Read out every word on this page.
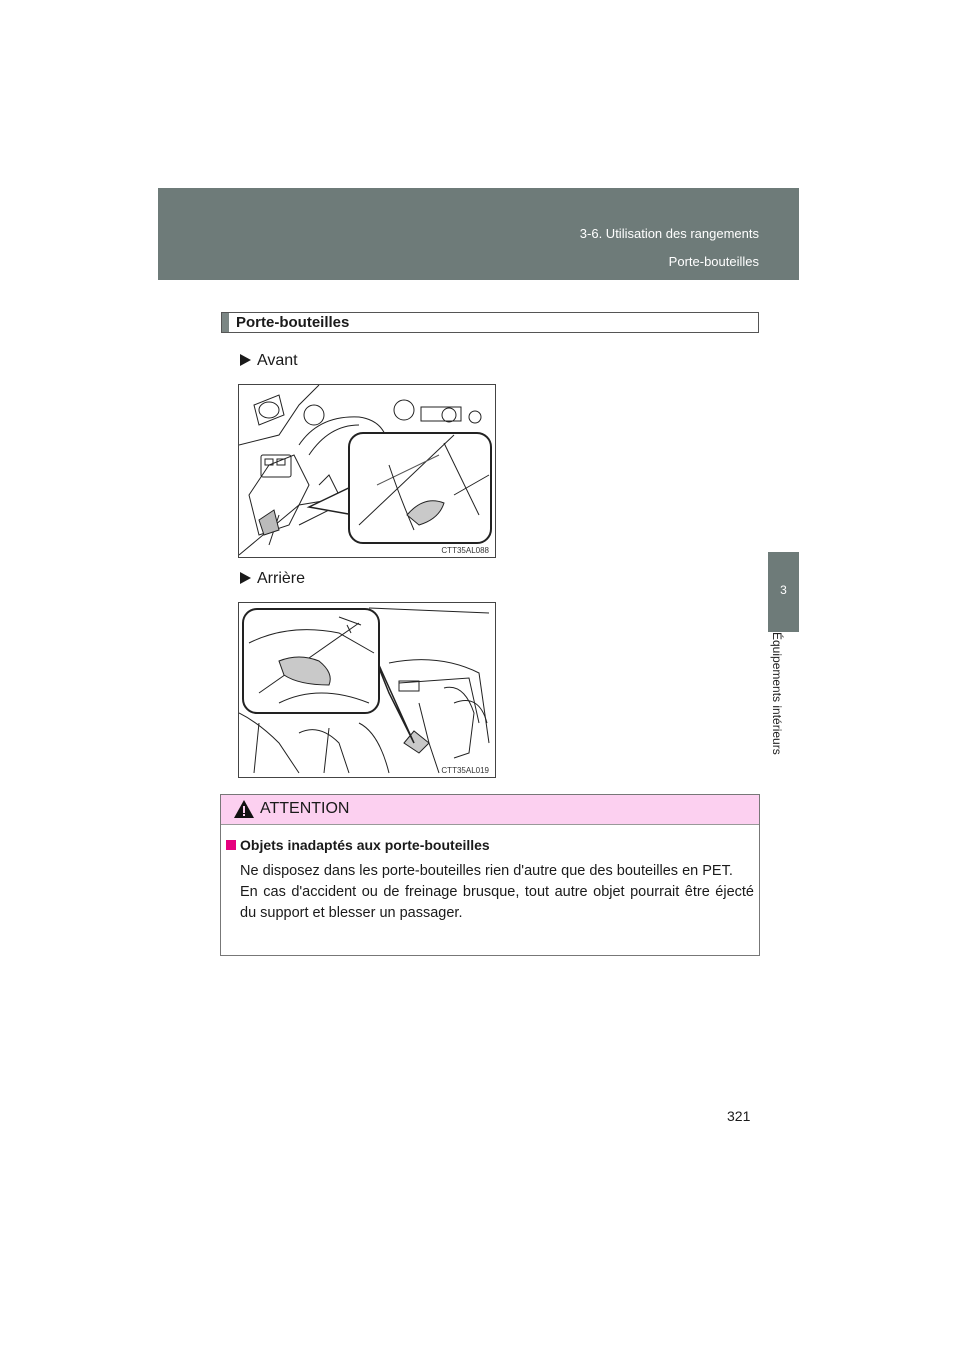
3-6. Utilisation des rangements
Porte-bouteilles
3
Équipements intérieurs
Porte-bouteilles
Avant
CTT35AL088
Arrière
CTT35AL019
ATTENTION
Objets inadaptés aux porte-bouteilles

Ne disposez dans les porte-bouteilles rien d'autre que des bouteilles en PET.

En cas d'accident ou de freinage brusque, tout autre objet pourrait être éjecté du support et blesser un passager.

321
